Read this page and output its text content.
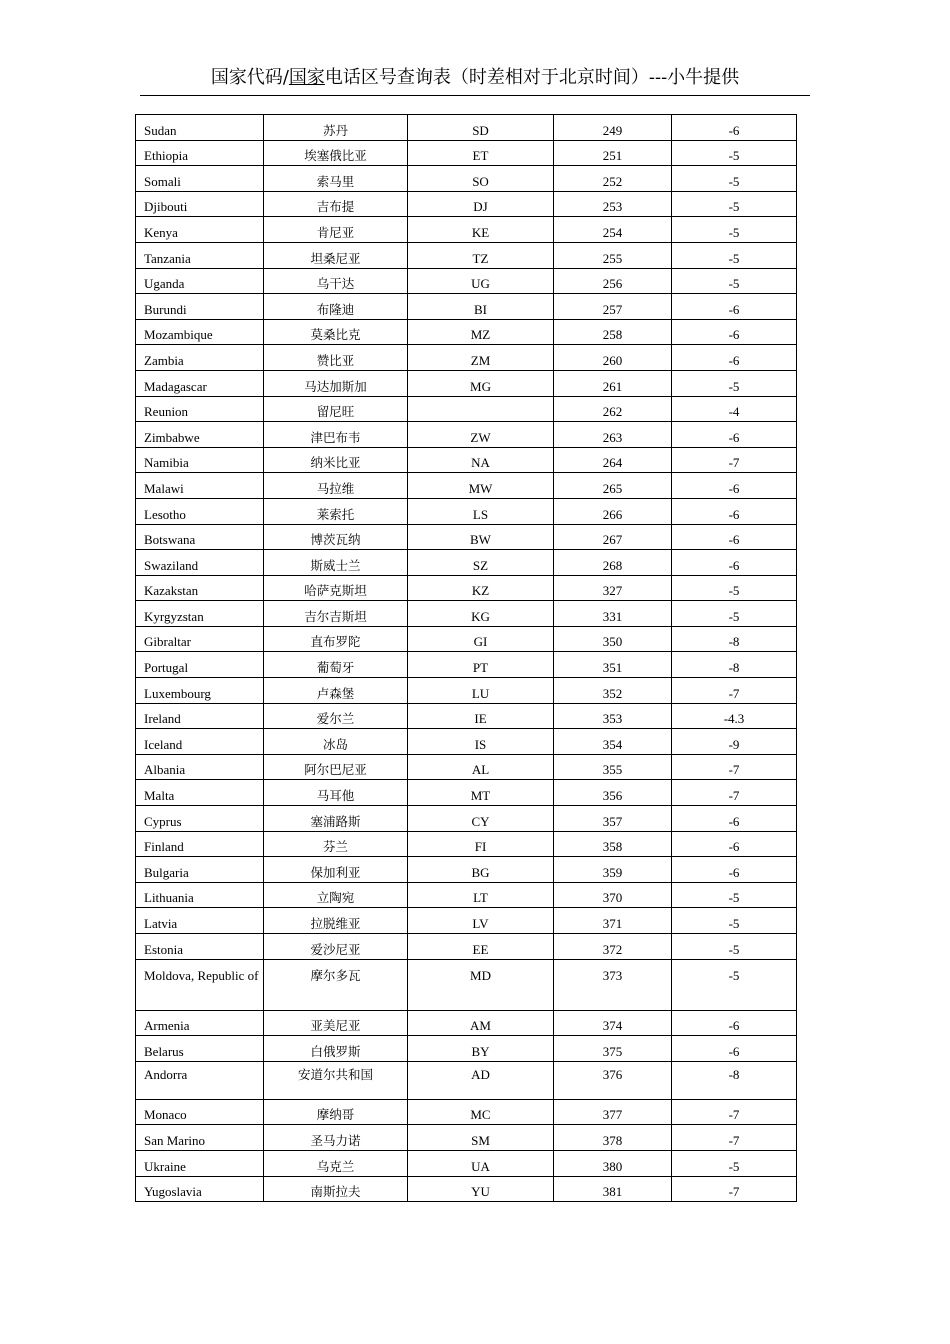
国家代码/国家电话区号查询表（时差相对于北京时间）---小牛提供
Sudan	苏丹	SD	249	-6
Ethiopia	埃塞俄比亚	ET	251	-5
Somali	索马里	SO	252	-5
Djibouti	吉布提	DJ	253	-5
Kenya	肯尼亚	KE	254	-5
Tanzania	坦桑尼亚	TZ	255	-5
Uganda	乌干达	UG	256	-5
Burundi	布隆迪	BI	257	-6
Mozambique	莫桑比克	MZ	258	-6
Zambia	赞比亚	ZM	260	-6
Madagascar	马达加斯加	MG	261	-5
Reunion	留尼旺		262	-4
Zimbabwe	津巴布韦	ZW	263	-6
Namibia	纳米比亚	NA	264	-7
Malawi	马拉维	MW	265	-6
Lesotho	莱索托	LS	266	-6
Botswana	博茨瓦纳	BW	267	-6
Swaziland	斯威士兰	SZ	268	-6
Kazakstan	哈萨克斯坦	KZ	327	-5
Kyrgyzstan	吉尔吉斯坦	KG	331	-5
Gibraltar	直布罗陀	GI	350	-8
Portugal	葡萄牙	PT	351	-8
Luxembourg	卢森堡	LU	352	-7
Ireland	爱尔兰	IE	353	-4.3
Iceland	冰岛	IS	354	-9
Albania	阿尔巴尼亚	AL	355	-7
Malta	马耳他	MT	356	-7
Cyprus	塞浦路斯	CY	357	-6
Finland	芬兰	FI	358	-6
Bulgaria	保加利亚	BG	359	-6
Lithuania	立陶宛	LT	370	-5
Latvia	拉脱维亚	LV	371	-5
Estonia	爱沙尼亚	EE	372	-5
Moldova, Republic of	摩尔多瓦	MD	373	-5
Armenia	亚美尼亚	AM	374	-6
Belarus	白俄罗斯	BY	375	-6
Andorra	安道尔共和国	AD	376	-8
Monaco	摩纳哥	MC	377	-7
San Marino	圣马力诺	SM	378	-7
Ukraine	乌克兰	UA	380	-5
Yugoslavia	南斯拉夫	YU	381	-7
